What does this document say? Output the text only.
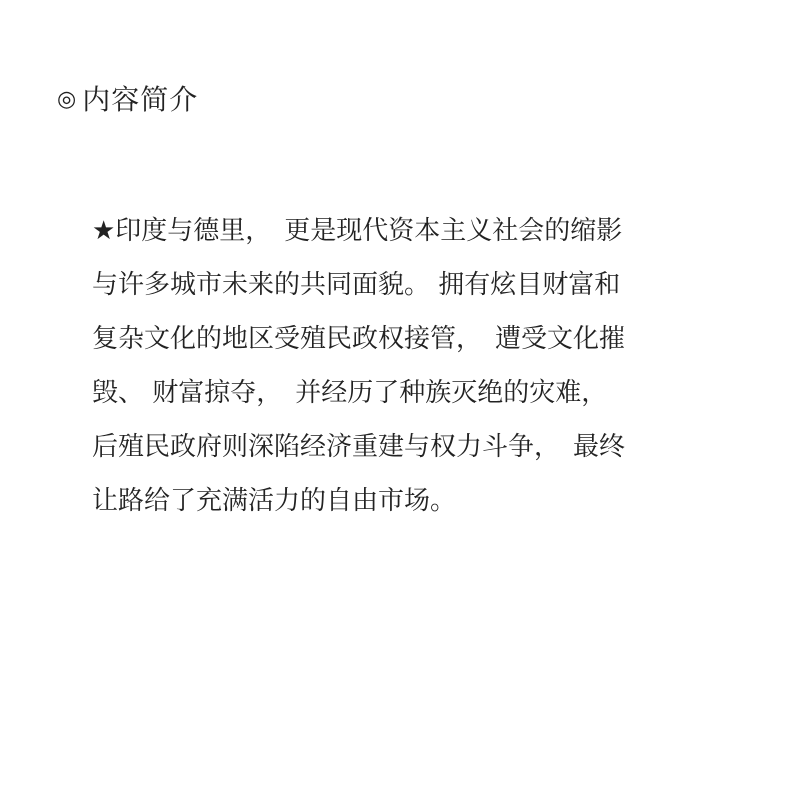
◎ 内容简介
★印度与德里，　更是现代资本主义社会的缩影
与许多城市未来的共同面貌。 拥有炫目财富和
复杂文化的地区受殖民政权接管，　遭受文化摧
毁、 财富掠夺，　并经历了种族灭绝的灾难，
后殖民政府则深陷经济重建与权力斗争，　最终
让路给了充满活力的自由市场。
